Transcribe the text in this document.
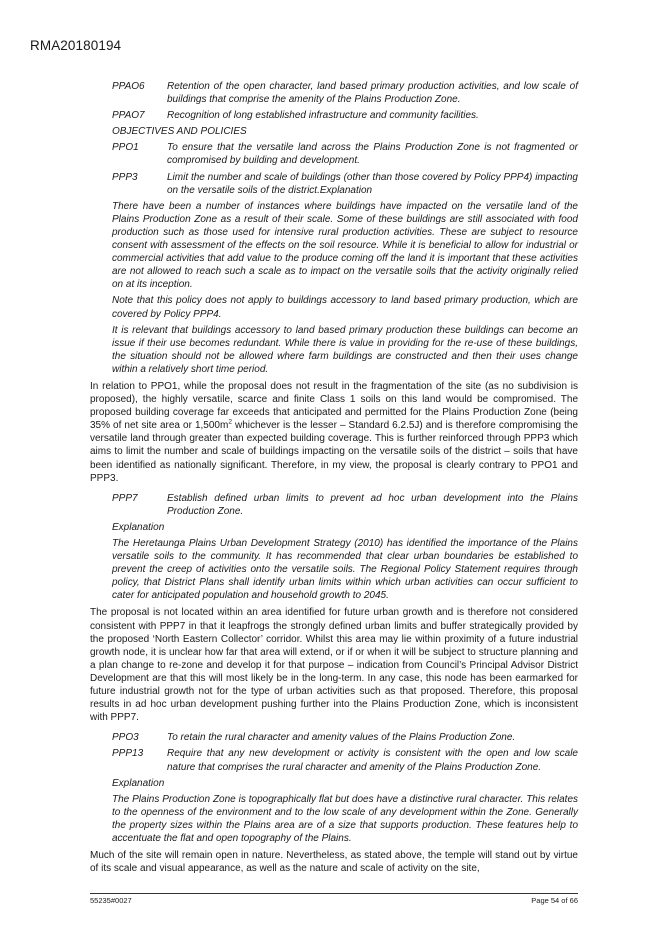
RMA20180194
PPAO6	Retention of the open character, land based primary production activities, and low scale of buildings that comprise the amenity of the Plains Production Zone.
PPAO7	Recognition of long established infrastructure and community facilities.
OBJECTIVES AND POLICIES
PPO1	To ensure that the versatile land across the Plains Production Zone is not fragmented or compromised by building and development.
PPP3	Limit the number and scale of buildings (other than those covered by Policy PPP4) impacting on the versatile soils of the district.Explanation

There have been a number of instances where buildings have impacted on the versatile land of the Plains Production Zone as a result of their scale. Some of these buildings are still associated with food production such as those used for intensive rural production activities. These are subject to resource consent with assessment of the effects on the soil resource. While it is beneficial to allow for industrial or commercial activities that add value to the produce coming off the land it is important that these activities are not allowed to reach such a scale as to impact on the versatile soils that the activity originally relied on at its inception.

Note that this policy does not apply to buildings accessory to land based primary production, which are covered by Policy PPP4.

It is relevant that buildings accessory to land based primary production these buildings can become an issue if their use becomes redundant. While there is value in providing for the re-use of these buildings, the situation should not be allowed where farm buildings are constructed and then their uses change within a relatively short time period.

In relation to PPO1, while the proposal does not result in the fragmentation of the site (as no subdivision is proposed), the highly versatile, scarce and finite Class 1 soils on this land would be compromised. The proposed building coverage far exceeds that anticipated and permitted for the Plains Production Zone (being 35% of net site area or $1,500m^2$ whichever is the lesser – Standard 6.2.5J) and is therefore compromising the versatile land through greater than expected building coverage. This is further reinforced through PPP3 which aims to limit the number and scale of buildings impacting on the versatile soils of the district – soils that have been identified as nationally significant. Therefore, in my view, the proposal is clearly contrary to PPO1 and PPP3.

PPP7	Establish defined urban limits to prevent ad hoc urban development into the Plains Production Zone.

Explanation

The Heretaunga Plains Urban Development Strategy (2010) has identified the importance of the Plains versatile soils to the community. It has recommended that clear urban boundaries be established to prevent the creep of activities onto the versatile soils. The Regional Policy Statement requires through policy, that District Plans shall identify urban limits within which urban activities can occur sufficient to cater for anticipated population and household growth to 2045.

The proposal is not located within an area identified for future urban growth and is therefore not considered consistent with PPP7 in that it leapfrogs the strongly defined urban limits and buffer strategically provided by the proposed ‘North Eastern Collector’ corridor. Whilst this area may lie within proximity of a future industrial growth node, it is unclear how far that area will extend, or if or when it will be subject to structure planning and a plan change to re-zone and develop it for that purpose – indication from Council’s Principal Advisor District Development are that this will most likely be in the long-term. In any case, this node has been earmarked for future industrial growth not for the type of urban activities such as that proposed. Therefore, this proposal results in ad hoc urban development pushing further into the Plains Production Zone, which is inconsistent with PPP7.

PPO3	To retain the rural character and amenity values of the Plains Production Zone.
PPP13	Require that any new development or activity is consistent with the open and low scale nature that comprises the rural character and amenity of the Plains Production Zone.

Explanation

The Plains Production Zone is topographically flat but does have a distinctive rural character. This relates to the openness of the environment and to the low scale of any development within the Zone. Generally the property sizes within the Plains area are of a size that supports production. These features help to accentuate the flat and open topography of the Plains.

Much of the site will remain open in nature. Nevertheless, as stated above, the temple will stand out by virtue of its scale and visual appearance, as well as the nature and scale of activity on the site,

55235#0027	Page 54 of 66
